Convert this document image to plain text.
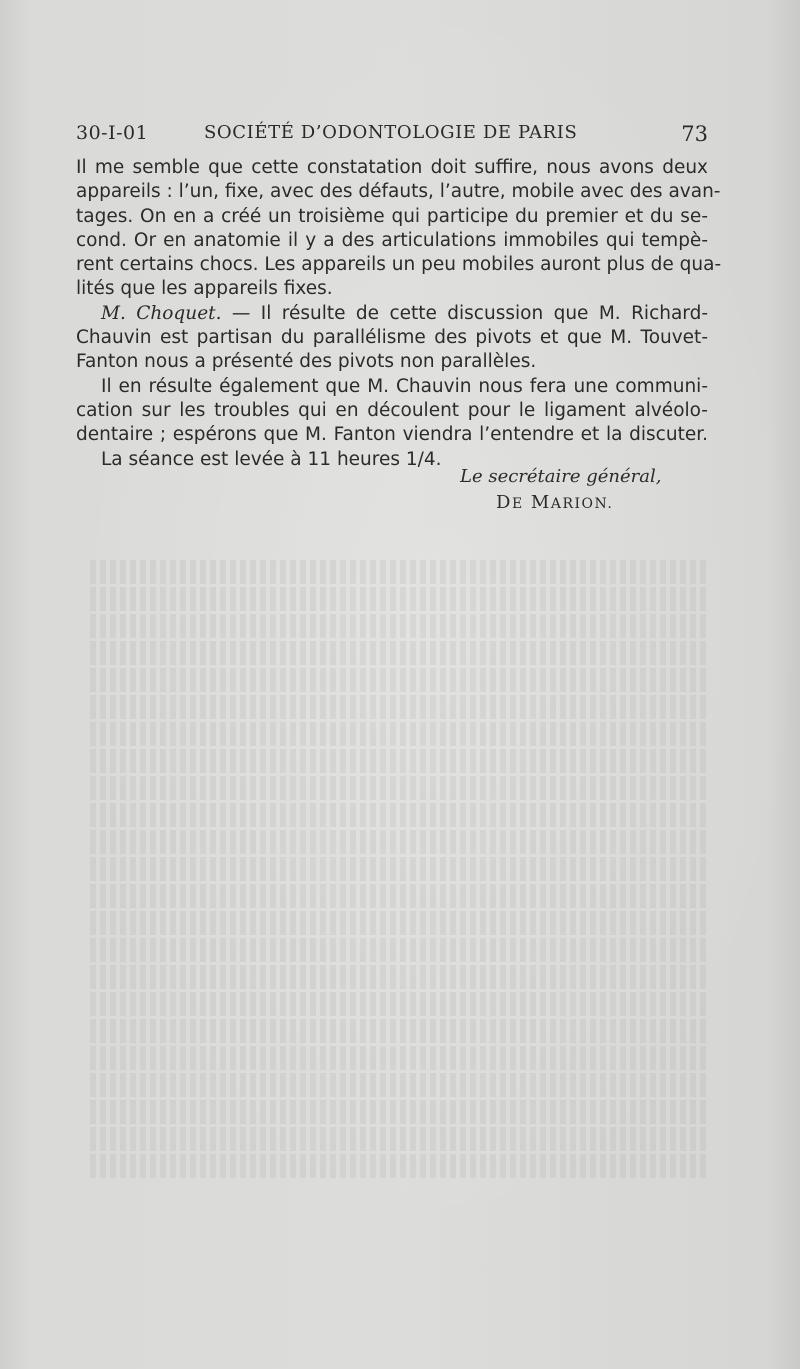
30-I-01	SOCIÉTÉ D’ODONTOLOGIE DE PARIS	73
Il me semble que cette constatation doit suffire, nous avons deux
appareils : l’un, fixe, avec des défauts, l’autre, mobile avec des avan-
tages. On en a créé un troisième qui participe du premier et du se-
cond. Or en anatomie il y a des articulations immobiles qui tempè-
rent certains chocs. Les appareils un peu mobiles auront plus de qua-
lités que les appareils fixes.
M. Choquet. — Il résulte de cette discussion que M. Richard-
Chauvin est partisan du parallélisme des pivots et que M. Touvet-
Fanton nous a présenté des pivots non parallèles.
Il en résulte également que M. Chauvin nous fera une communi-
cation sur les troubles qui en découlent pour le ligament alvéolo-
dentaire ; espérons que M. Fanton viendra l’entendre et la discuter.
La séance est levée à 11 heures 1/4.
Le secrétaire général,
DE MARION.
